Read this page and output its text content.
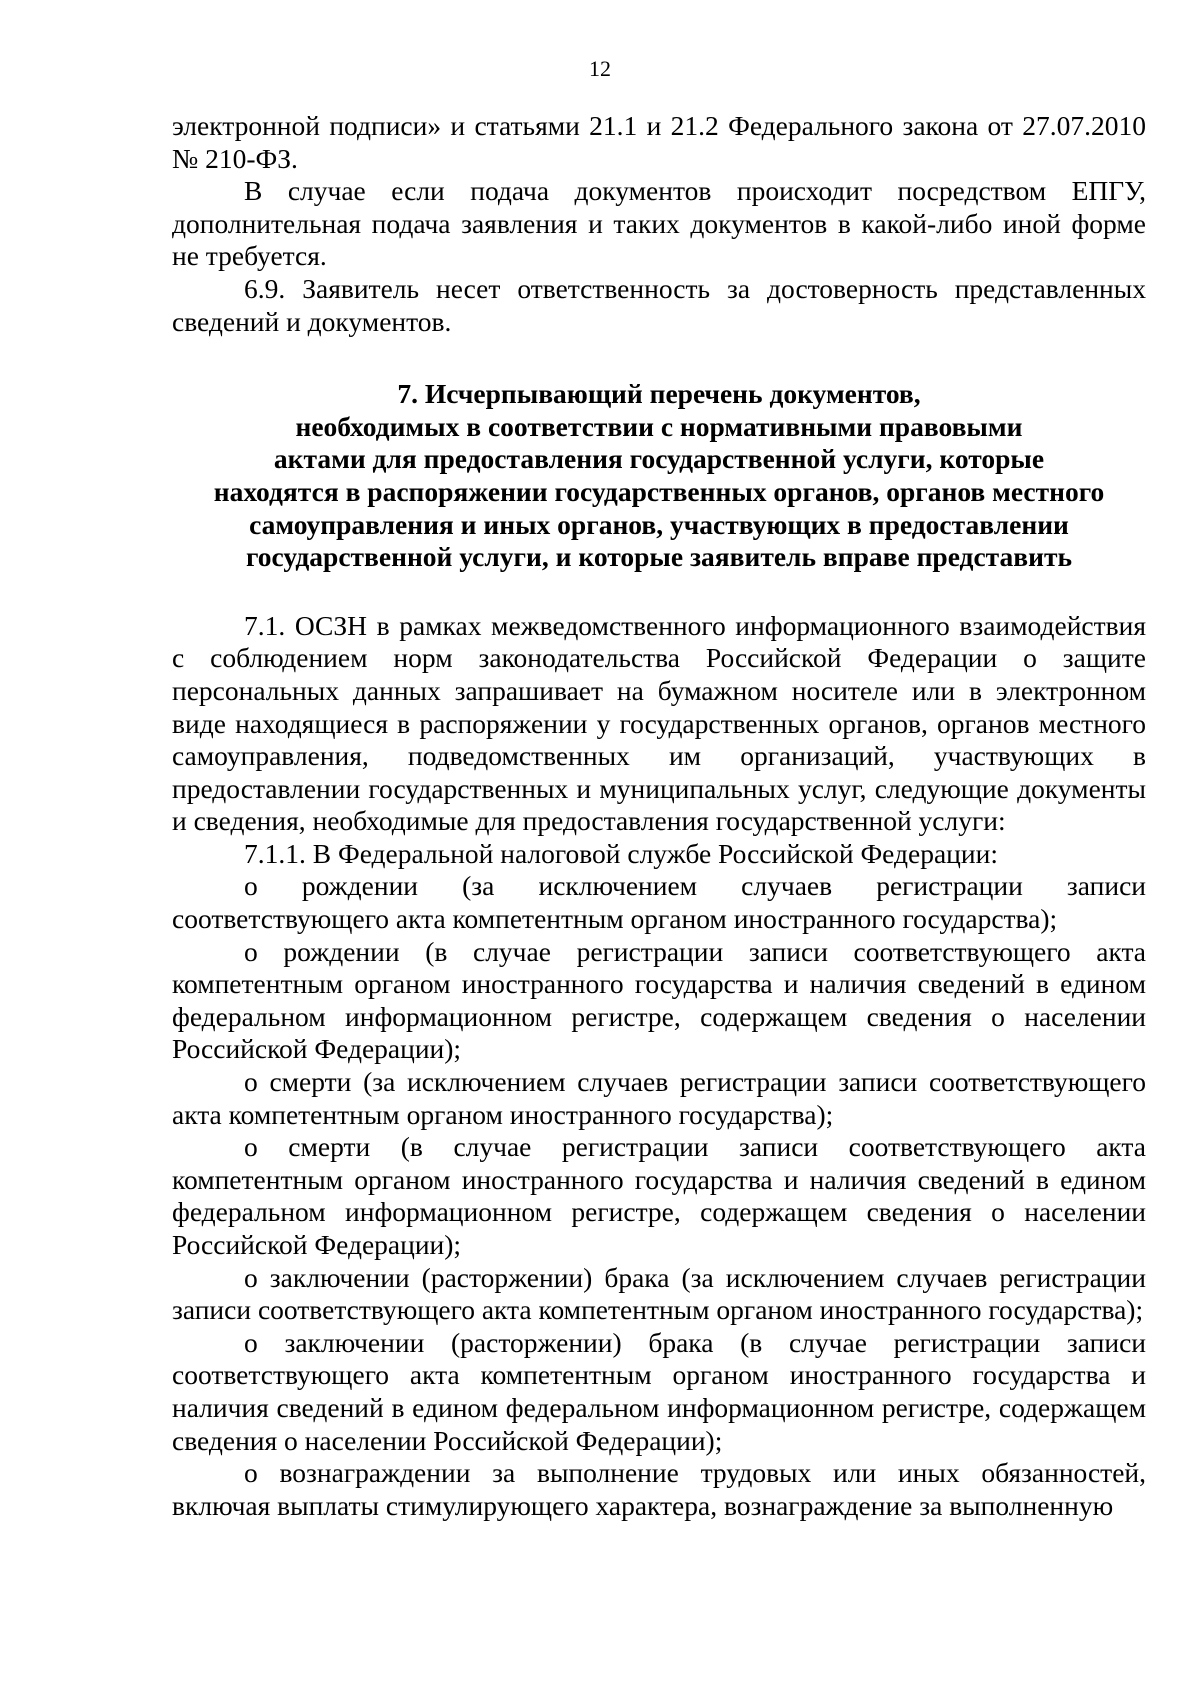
12

электронной подписи» и статьями 21.1 и 21.2 Федерального закона от 27.07.2010 № 210-ФЗ.

В случае если подача документов происходит посредством ЕПГУ, дополнительная подача заявления и таких документов в какой-либо иной форме не требуется.

6.9. Заявитель несет ответственность за достоверность представленных сведений и документов.

7. Исчерпывающий перечень документов,
необходимых в соответствии с нормативными правовыми
актами для предоставления государственной услуги, которые
находятся в распоряжении государственных органов, органов местного
самоуправления и иных органов, участвующих в предоставлении
государственной услуги, и которые заявитель вправе представить

7.1. ОСЗН в рамках межведомственного информационного взаимодействия с соблюдением норм законодательства Российской Федерации о защите персональных данных запрашивает на бумажном носителе или в электронном виде находящиеся в распоряжении у государственных органов, органов местного самоуправления, подведомственных им организаций, участвующих в предоставлении государственных и муниципальных услуг, следующие документы и сведения, необходимые для предоставления государственной услуги:

7.1.1. В Федеральной налоговой службе Российской Федерации:

о рождении (за исключением случаев регистрации записи соответствующего акта компетентным органом иностранного государства);

о рождении (в случае регистрации записи соответствующего акта компетентным органом иностранного государства и наличия сведений в едином федеральном информационном регистре, содержащем сведения о населении Российской Федерации);

о смерти (за исключением случаев регистрации записи соответствующего акта компетентным органом иностранного государства);

о смерти (в случае регистрации записи соответствующего акта компетентным органом иностранного государства и наличия сведений в едином федеральном информационном регистре, содержащем сведения о населении Российской Федерации);

о заключении (расторжении) брака (за исключением случаев регистрации записи соответствующего акта компетентным органом иностранного государства);

о заключении (расторжении) брака (в случае регистрации записи соответствующего акта компетентным органом иностранного государства и наличия сведений в едином федеральном информационном регистре, содержащем сведения о населении Российской Федерации);

о вознаграждении за выполнение трудовых или иных обязанностей, включая выплаты стимулирующего характера, вознаграждение за выполненную
